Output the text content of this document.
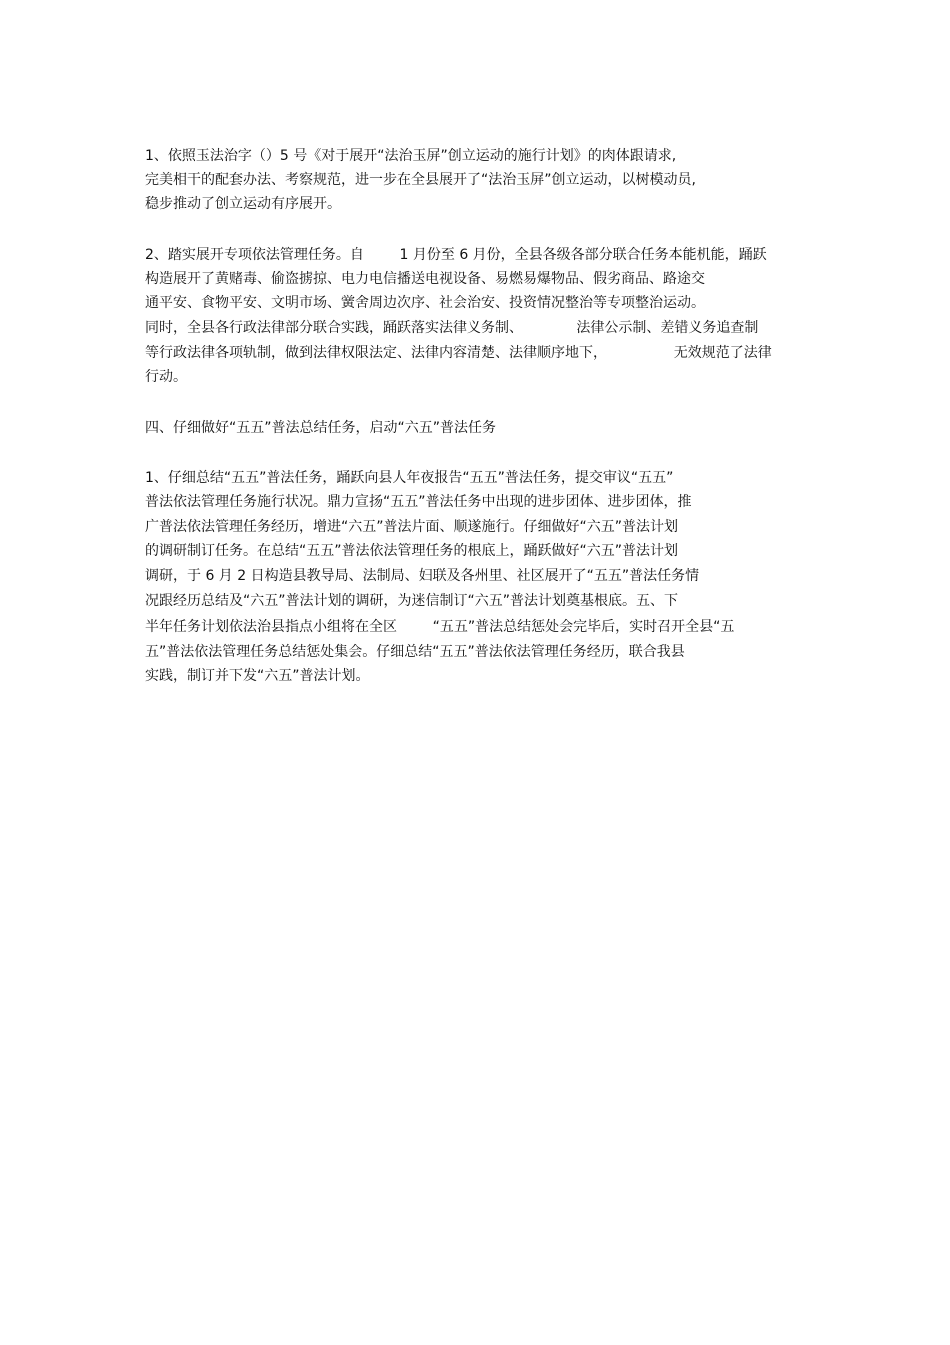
1、依照玉法治字（）5 号《对于展开“法治玉屏”创立运动的施行计划》的肉体跟请求,
完美相干的配套办法、考察规范，进一步在全县展开了“法治玉屏”创立运动，以树模动员,
稳步推动了创立运动有序展开。
2、踏实展开专项依法管理任务。自        1 月份至 6 月份，全县各级各部分联合任务本能机能，踊跃
构造展开了黄赌毒、偷盗掳掠、电力电信播送电视设备、易燃易爆物品、假劣商品、路途交
通平安、食物平安、文明市场、黉舍周边次序、社会治安、投资情况整治等专项整治运动。
同时，全县各行政法律部分联合实践，踊跃落实法律义务制、            法律公示制、差错义务追查制
等行政法律各项轨制，做到法律权限法定、法律内容清楚、法律顺序地下，               无效规范了法律
行动。
四、仔细做好“五五”普法总结任务，启动“六五”普法任务
1、仔细总结“五五”普法任务，踊跃向县人年夜报告“五五”普法任务，提交审议“五五”
普法依法管理任务施行状况。鼎力宣扬“五五”普法任务中出现的进步团体、进步团体，推
广普法依法管理任务经历，增进“六五”普法片面、顺遂施行。仔细做好“六五”普法计划
的调研制订任务。在总结“五五”普法依法管理任务的根底上，踊跃做好“六五”普法计划
调研，于 6 月 2 日构造县教导局、法制局、妇联及各州里、社区展开了“五五”普法任务情
况跟经历总结及“六五”普法计划的调研，为迷信制订“六五”普法计划奠基根底。五、下
半年任务计划依法治县指点小组将在全区        “五五”普法总结惩处会完毕后，实时召开全县“五
五”普法依法管理任务总结惩处集会。仔细总结“五五”普法依法管理任务经历，联合我县
实践，制订并下发“六五”普法计划。
